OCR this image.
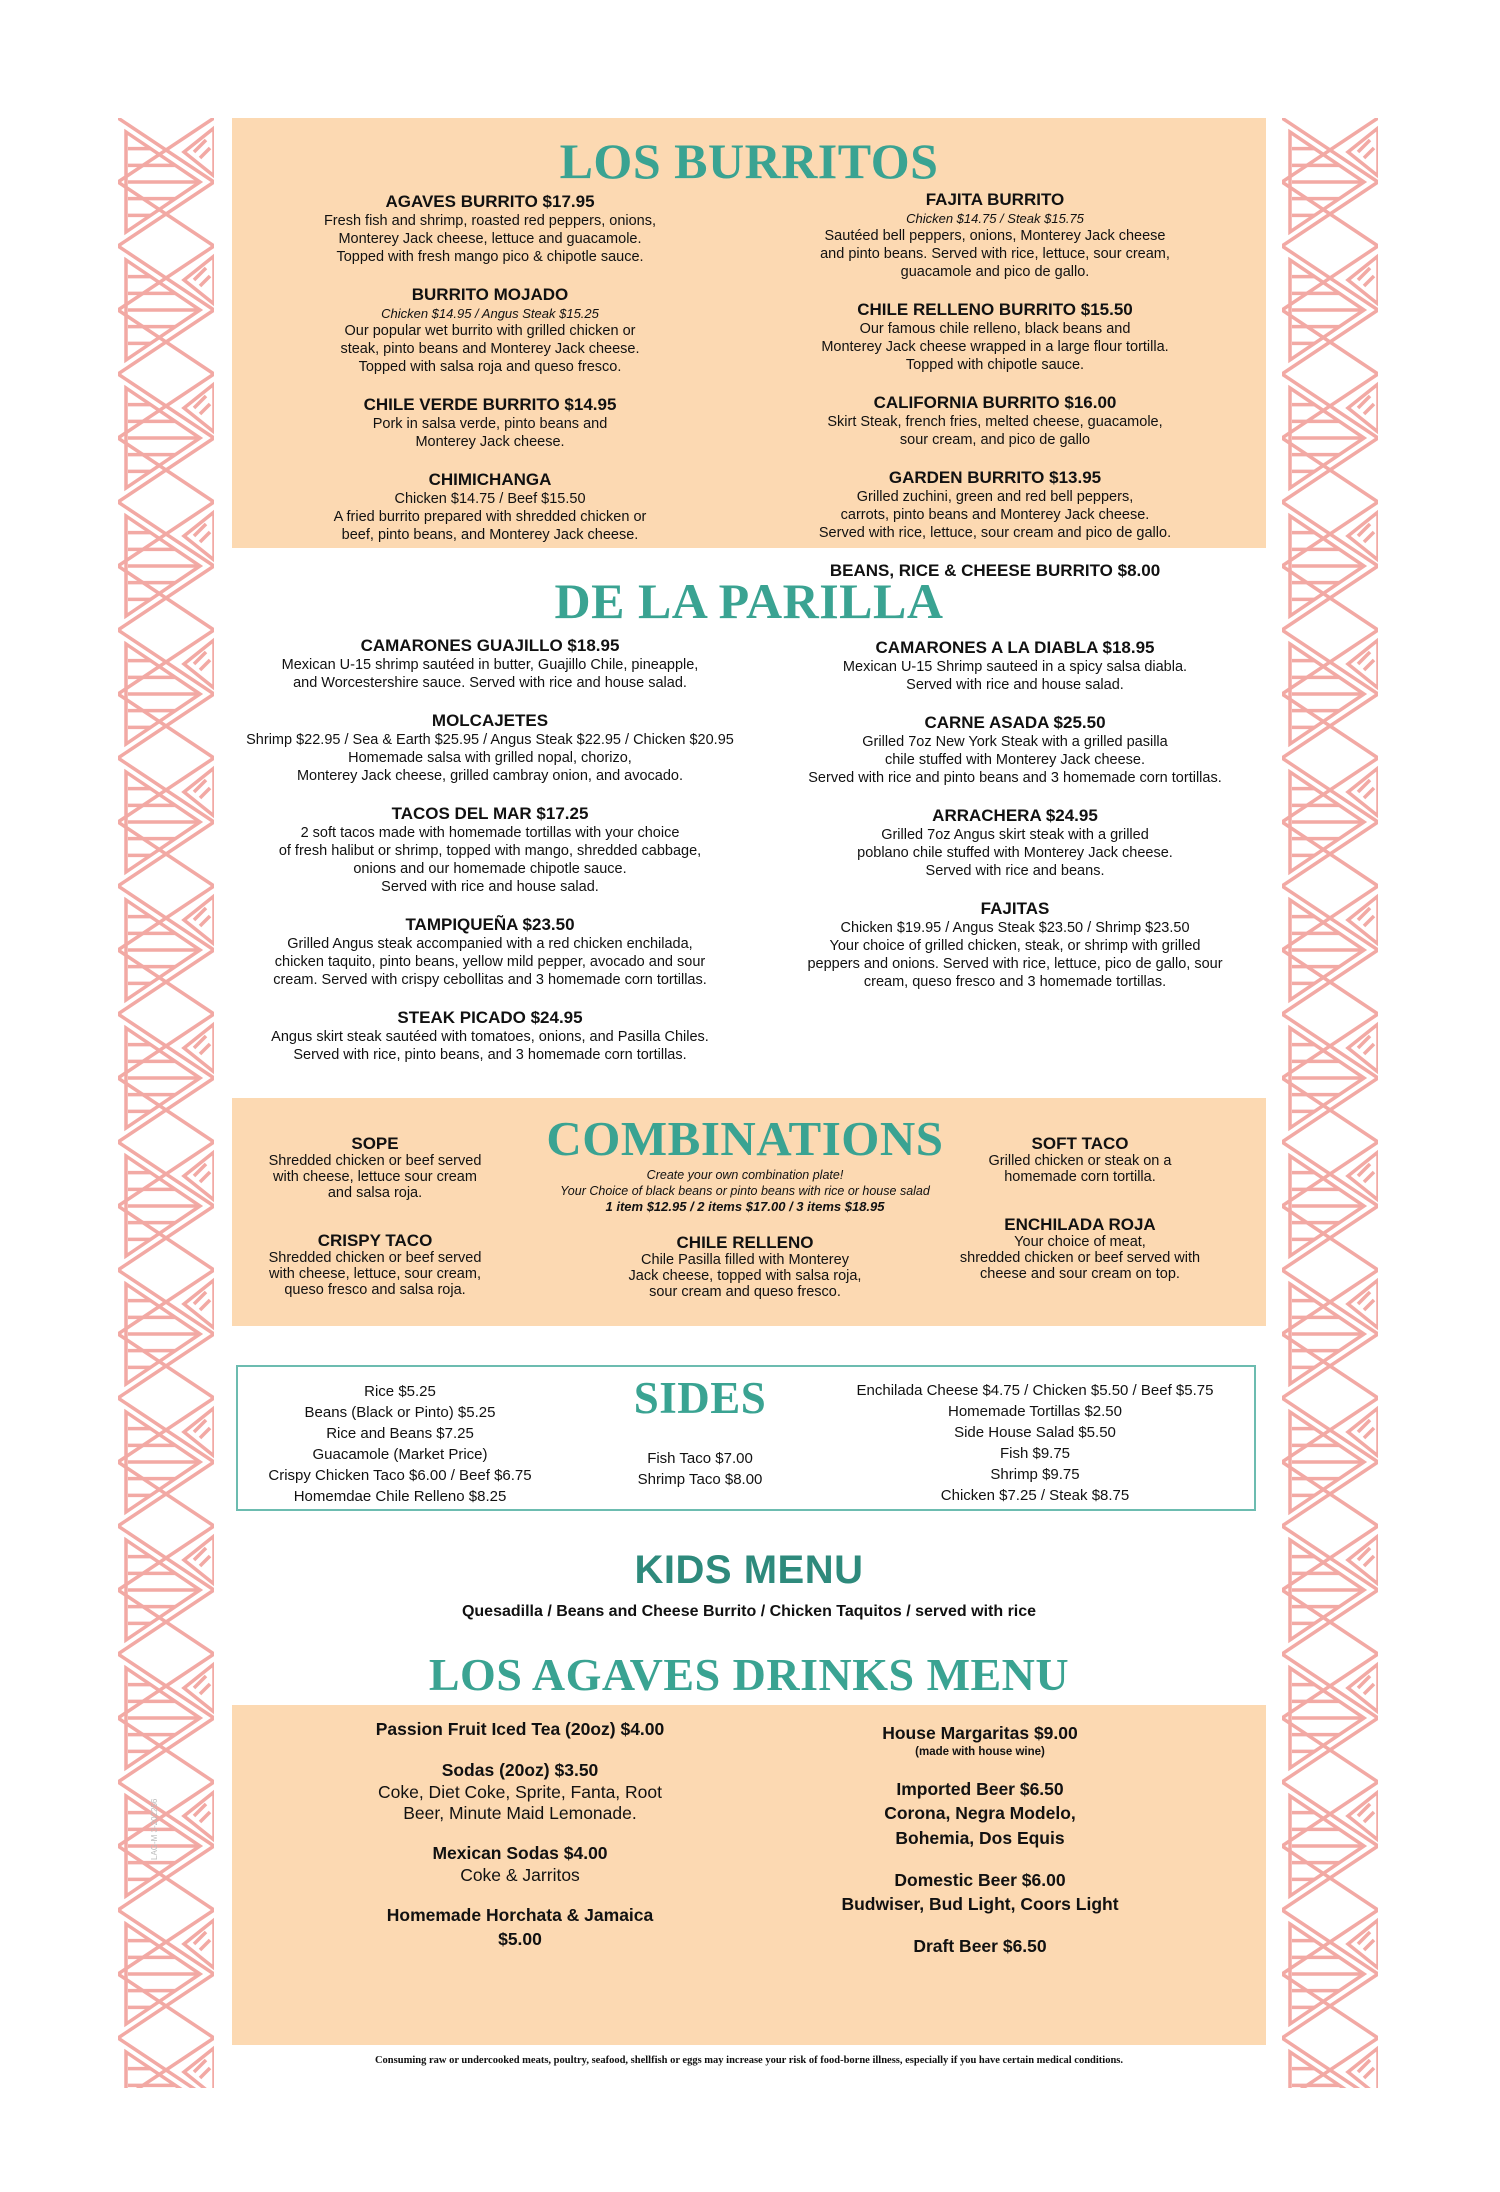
LOS BURRITOS
AGAVES BURRITO $17.95
Fresh fish and shrimp, roasted red peppers, onions,
Monterey Jack cheese, lettuce and guacamole.
Topped with fresh mango pico & chipotle sauce.
BURRITO MOJADO
Chicken $14.95 / Angus Steak $15.25
Our popular wet burrito with grilled chicken or
steak, pinto beans and Monterey Jack cheese.
Topped with salsa roja and queso fresco.
CHILE VERDE BURRITO $14.95
Pork in salsa verde, pinto beans and
Monterey Jack cheese.
CHIMICHANGA
Chicken $14.75 / Beef $15.50
A fried burrito prepared with shredded chicken or
beef, pinto beans, and Monterey Jack cheese.
FAJITA BURRITO
Chicken $14.75 / Steak $15.75
Sautéed bell peppers, onions, Monterey Jack cheese
and pinto beans. Served with rice, lettuce, sour cream,
guacamole and pico de gallo.
CHILE RELLENO BURRITO $15.50
Our famous chile relleno, black beans and
Monterey Jack cheese wrapped in a large flour tortilla.
Topped with chipotle sauce.
CALIFORNIA BURRITO $16.00
Skirt Steak, french fries, melted cheese, guacamole,
sour cream, and pico de gallo
GARDEN BURRITO $13.95
Grilled zuchini, green and red bell peppers,
carrots, pinto beans and Monterey Jack cheese.
Served with rice, lettuce, sour cream and pico de gallo.
BEANS, RICE & CHEESE BURRITO $8.00
DE LA PARILLA
CAMARONES GUAJILLO $18.95
Mexican U-15 shrimp sautéed in butter, Guajillo Chile, pineapple,
and Worcestershire sauce. Served with rice and house salad.
MOLCAJETES
Shrimp $22.95 / Sea & Earth $25.95 / Angus Steak $22.95 / Chicken $20.95
Homemade salsa with grilled nopal, chorizo,
Monterey Jack cheese, grilled cambray onion, and avocado.
TACOS DEL MAR $17.25
2 soft tacos made with homemade tortillas with your choice
of fresh halibut or shrimp, topped with mango, shredded cabbage,
onions and our homemade chipotle sauce.
Served with rice and house salad.
TAMPIQUEÑA $23.50
Grilled Angus steak accompanied with a red chicken enchilada,
chicken taquito, pinto beans, yellow mild pepper, avocado and sour
cream. Served with crispy cebollitas and 3 homemade corn tortillas.
STEAK PICADO $24.95
Angus skirt steak sautéed with tomatoes, onions, and Pasilla Chiles.
Served with rice, pinto beans, and 3 homemade corn tortillas.
CAMARONES A LA DIABLA $18.95
Mexican U-15 Shrimp sauteed in a spicy salsa diabla.
Served with rice and house salad.
CARNE ASADA $25.50
Grilled 7oz New York Steak with a grilled pasilla
chile stuffed with Monterey Jack cheese.
Served with rice and pinto beans and 3 homemade corn tortillas.
ARRACHERA $24.95
Grilled 7oz Angus skirt steak with a grilled
poblano chile stuffed with Monterey Jack cheese.
Served with rice and beans.
FAJITAS
Chicken $19.95 / Angus Steak $23.50 / Shrimp $23.50
Your choice of grilled chicken, steak, or shrimp with grilled
peppers and onions. Served with rice, lettuce, pico de gallo, sour
cream, queso fresco and 3 homemade tortillas.
COMBINATIONS
Create your own combination plate!
Your Choice of black beans or pinto beans with rice or house salad
1 item $12.95 / 2 items $17.00 / 3 items $18.95
SOPE
Shredded chicken or beef served
with cheese, lettuce sour cream
and salsa roja.
CRISPY TACO
Shredded chicken or beef served
with cheese, lettuce, sour cream,
queso fresco and salsa roja.
CHILE RELLENO
Chile Pasilla filled with Monterey
Jack cheese, topped with salsa roja,
sour cream and queso fresco.
SOFT TACO
Grilled chicken or steak on a
homemade corn tortilla.
ENCHILADA ROJA
Your choice of meat,
shredded chicken or beef served with
cheese and sour cream on top.
SIDES
Rice $5.25
Beans (Black or Pinto) $5.25
Rice and Beans $7.25
Guacamole (Market Price)
Crispy Chicken Taco $6.00 / Beef $6.75
Homemdae Chile Relleno $8.25
Fish Taco $7.00
Shrimp Taco $8.00
Enchilada Cheese $4.75 / Chicken $5.50 / Beef $5.75
Homemade Tortillas $2.50
Side House Salad $5.50
Fish $9.75
Shrimp $9.75
Chicken $7.25 / Steak $8.75
KIDS MENU
Quesadilla / Beans and Cheese Burrito / Chicken Taquitos / served with rice
LOS AGAVES DRINKS MENU
Passion Fruit Iced Tea (20oz) $4.00
Sodas (20oz) $3.50
Coke, Diet Coke, Sprite, Fanta, Root
Beer, Minute Maid Lemonade.
Mexican Sodas $4.00
Coke & Jarritos
Homemade Horchata & Jamaica
$5.00
House Margaritas $9.00
(made with house wine)
Imported Beer $6.50
Corona, Negra Modelo,
Bohemia, Dos Equis
Domestic Beer $6.00
Budwiser, Bud Light, Coors Light
Draft Beer $6.50
Consuming raw or undercooked meats, poultry, seafood, shellfish or eggs may increase your risk of food-borne illness, especially if you have certain medical conditions.
LAG-M 3-202256
